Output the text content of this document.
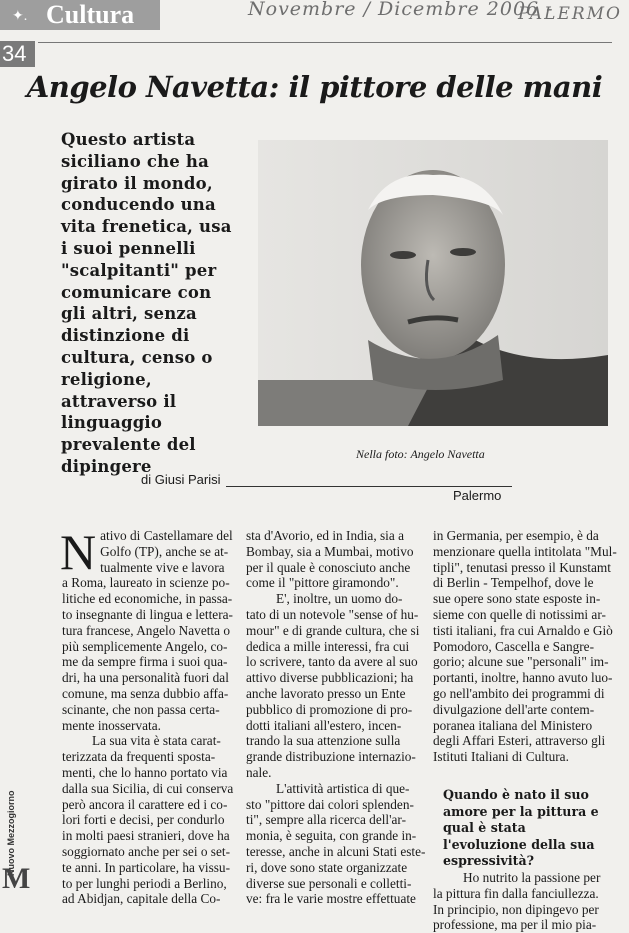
✦. Cultura	Novembre / Dicembre 2006 -
PALERMO
34
Angelo Navetta: il pittore delle mani
Questo artista siciliano che ha girato il mondo, conducendo una vita frenetica, usa i suoi pennelli "scalpitanti" per comunicare con gli altri, senza distinzione di cultura, censo o religione, attraverso il linguaggio prevalente del dipingere
Nella foto: Angelo Navetta
di Giusi Parisi
Palermo
N ativo di Castellamare del
Golfo (TP), anche se at-
tualmente vive e lavora
a Roma, laureato in scienze po-
litiche ed economiche, in passa-
to insegnante di lingua e lettera-
tura francese, Angelo Navetta o
più semplicemente Angelo, co-
me da sempre firma i suoi qua-
dri, ha una personalità fuori dal
comune, ma senza dubbio affa-
scinante, che non passa certa-
mente inosservata.
La sua vita è stata carat-
terizzata da frequenti sposta-
menti, che lo hanno portato via
dalla sua Sicilia, di cui conserva
però ancora il carattere ed i co-
lori forti e decisi, per condurlo
in molti paesi stranieri, dove ha
soggiornato anche per sei o set-
te anni. In particolare, ha vissu-
to per lunghi periodi a Berlino,
ad Abidjan, capitale della Co-
sta d'Avorio, ed in India, sia a
Bombay, sia a Mumbai, motivo
per il quale è conosciuto anche
come il "pittore giramondo".
E', inoltre, un uomo do-
tato di un notevole "sense of hu-
mour" e di grande cultura, che si
dedica a mille interessi, fra cui
lo scrivere, tanto da avere al suo
attivo diverse pubblicazioni; ha
anche lavorato presso un Ente
pubblico di promozione di pro-
dotti italiani all'estero, incen-
trando la sua attenzione sulla
grande distribuzione internazio-
nale.
L'attività artistica di que-
sto "pittore dai colori splenden-
ti", sempre alla ricerca dell'ar-
monia, è seguita, con grande in-
teresse, anche in alcuni Stati este-
ri, dove sono state organizzate
diverse sue personali e colletti-
ve: fra le varie mostre effettuate
in Germania, per esempio, è da
menzionare quella intitolata "Mul-
tipli", tenutasi presso il Kunstamt
di Berlin - Tempelhof, dove le
sue opere sono state esposte in-
sieme con quelle di notissimi ar-
tisti italiani, fra cui Arnaldo e Giò
Pomodoro, Cascella e Sangre-
gorio; alcune sue "personali" im-
portanti, inoltre, hanno avuto luo-
go nell'ambito dei programmi di
divulgazione dell'arte contem-
poranea italiana del Ministero
degli Affari Esteri, attraverso gli
Istituti Italiani di Cultura.
Quando è nato il suo amore per la pittura e qual è stata l'evoluzione della sua espressività?
Ho nutrito la passione per
la pittura fin dalla fanciullezza.
In principio, non dipingevo per
professione, ma per il mio pia-
Nuovo Mezzogiorno
M
